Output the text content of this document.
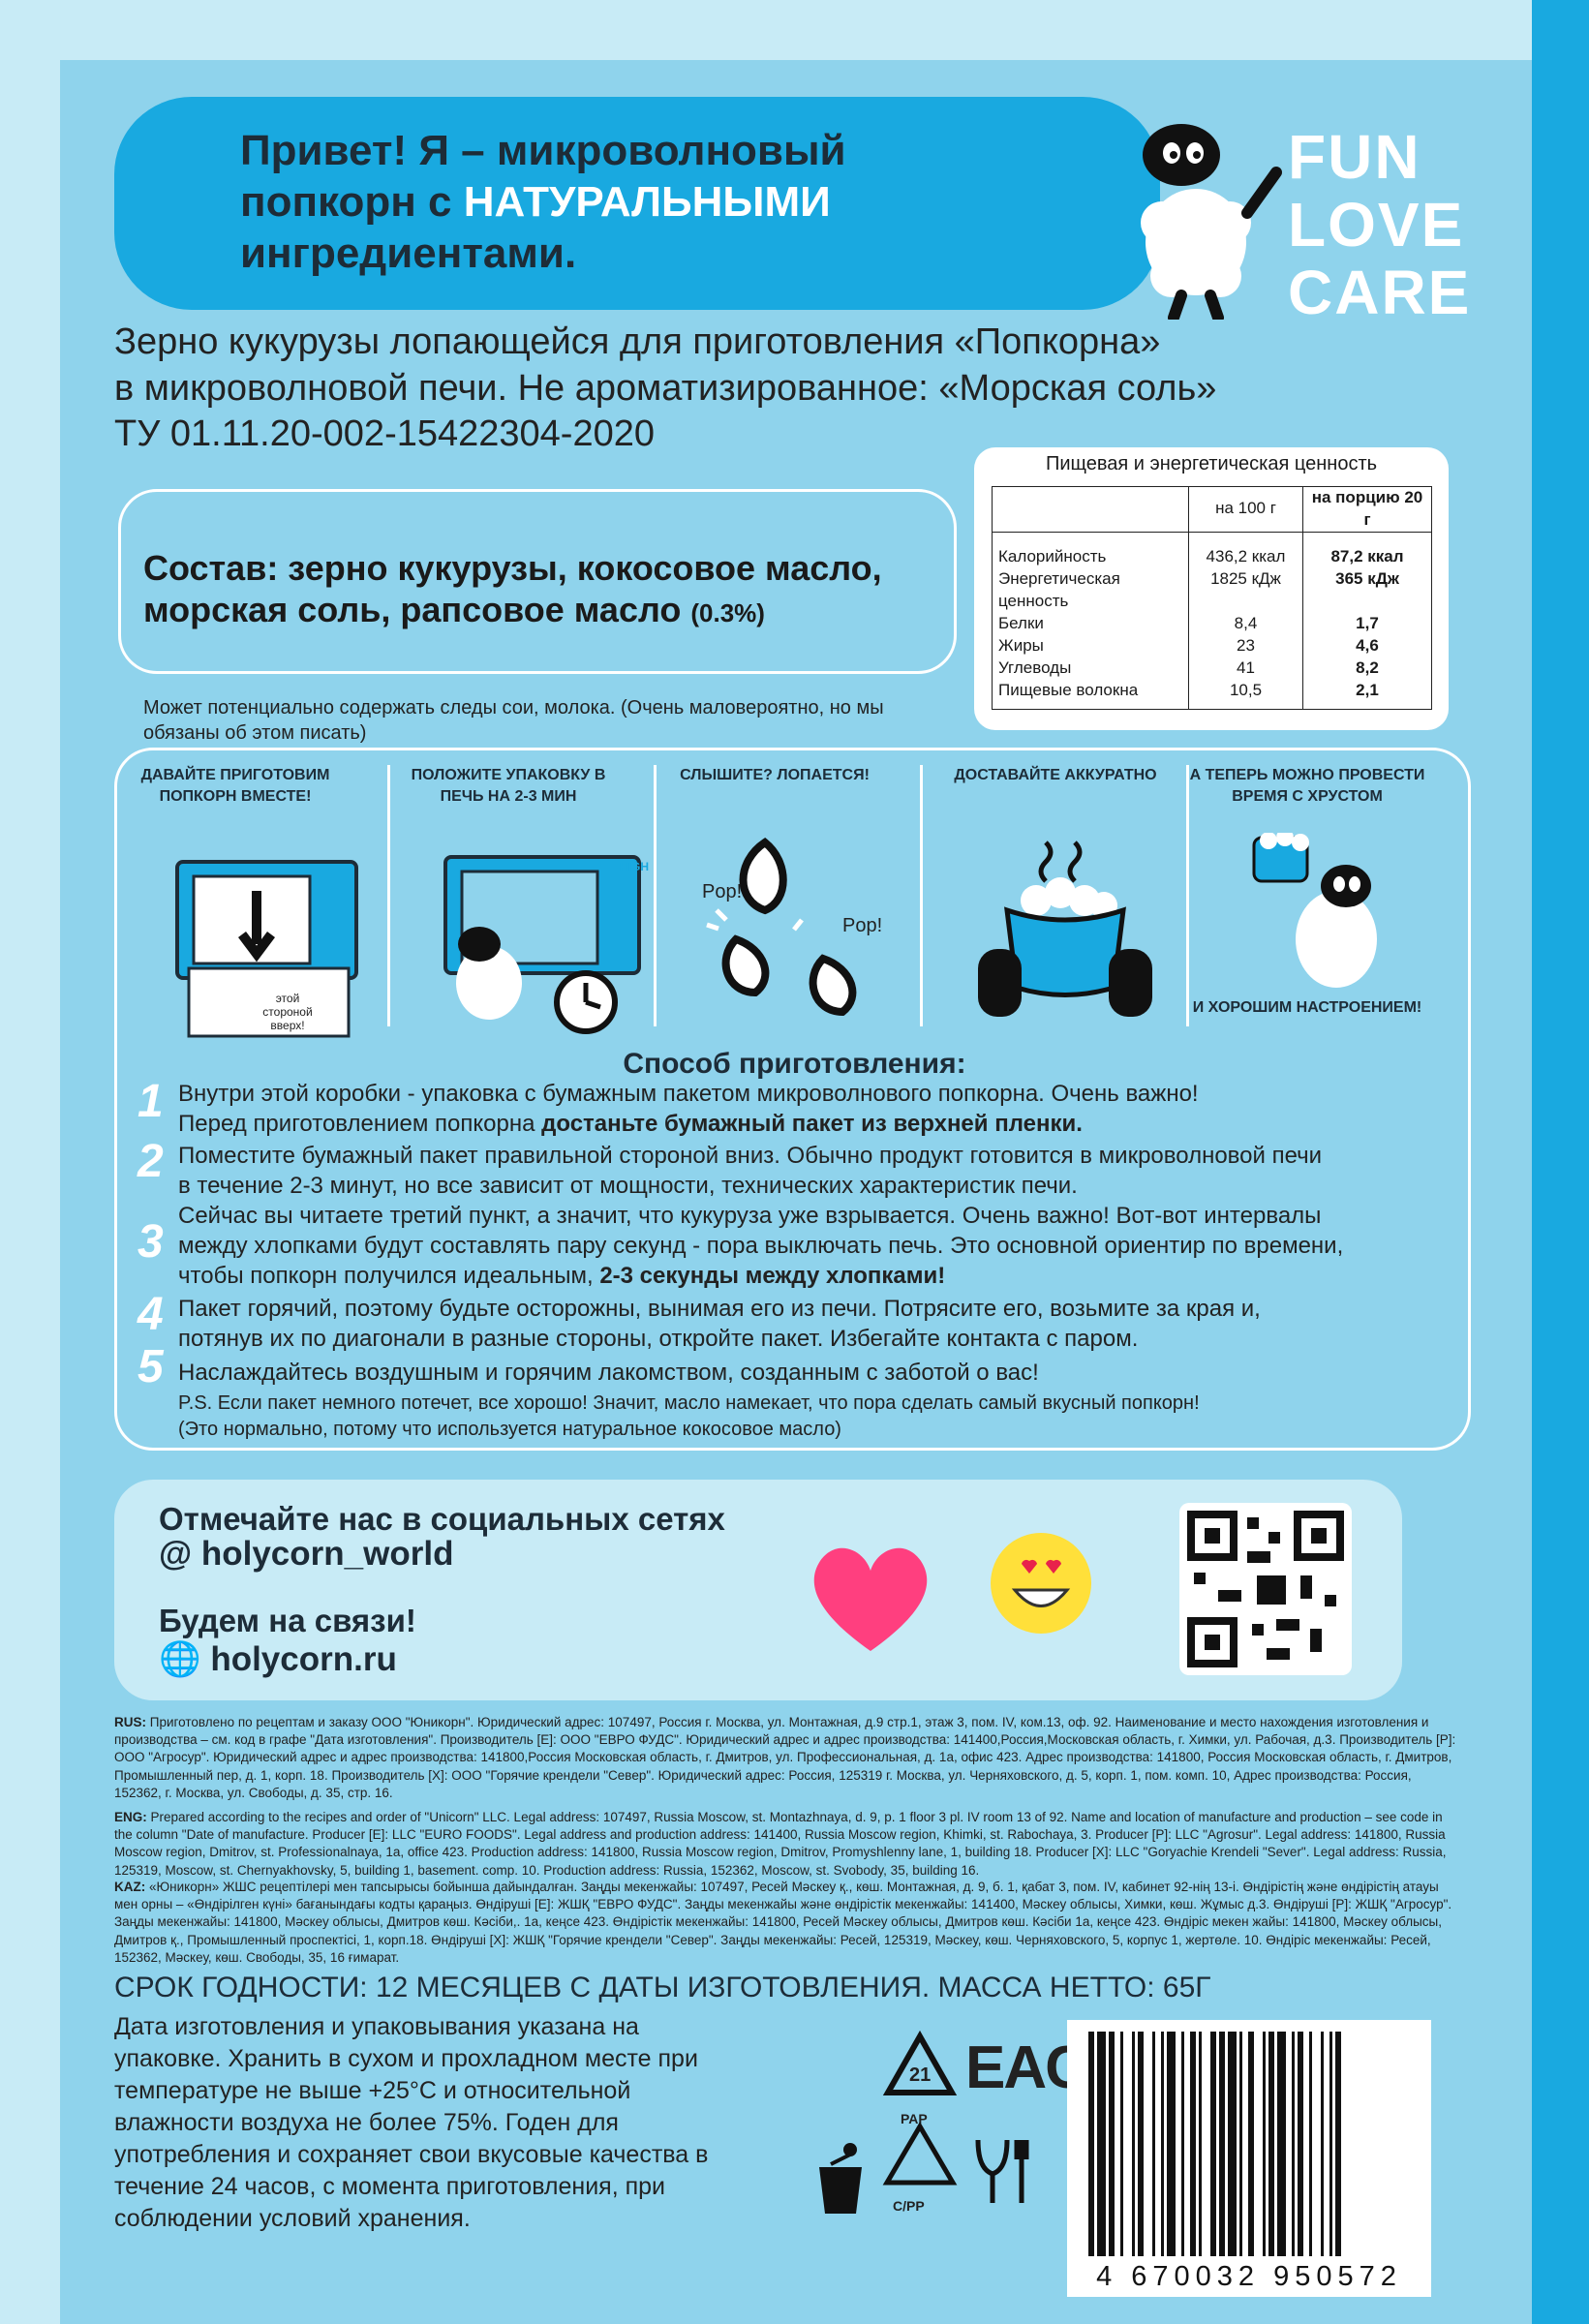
Привет! Я – микроволновый
попкорн с НАТУРАЛЬНЫМИ
ингредиентами.
FUN
LOVE
CARE
Зерно кукурузы лопающейся для приготовления «Попкорна»
в микроволновой печи. Не ароматизированное: «Морская соль»
ТУ 01.11.20-002-15422304-2020
Состав: зерно кукурузы, кокосовое масло,
морская соль, рапсовое масло (0.3%)
Может потенциально содержать следы сои, молока. (Очень маловероятно, но мы обязаны об этом писать)
Пищевая и энергетическая ценность
	на 100 г	на порцию 20 г
Калорийность	436,2 ккал	87,2 ккал
Энергетическая ценность	1825 кДж	365 кДж
Белки	8,4	1,7
Жиры	23	4,6
Углеводы	41	8,2
Пищевые волокна	10,5	2,1
ДАВАЙТЕ ПРИГОТОВИМ ПОПКОРН ВМЕСТЕ!
ПОЛОЖИТЕ УПАКОВКУ В ПЕЧЬ НА 2-3 МИН
СЛЫШИТЕ? ЛОПАЕТСЯ!	ДОСТАВАЙТЕ АККУРАТНО	А ТЕПЕРЬ МОЖНО ПРОВЕСТИ ВРЕМЯ С ХРУСТОМ
этой стороной вверх!
HIGH
Pop!
Pop!
И ХОРОШИМ НАСТРОЕНИЕМ!
Способ приготовления:
1 Внутри этой коробки - упаковка с бумажным пакетом микроволнового попкорна. Очень важно!
Перед приготовлением попкорна достаньте бумажный пакет из верхней пленки.
2 Поместите бумажный пакет правильной стороной вниз. Обычно продукт готовится в микроволновой печи
в течение 2-3 минут, но все зависит от мощности, технических характеристик печи.
3
Сейчас вы читаете третий пункт, а значит, что кукуруза уже взрывается. Очень важно! Вот-вот интервалы
между хлопками будут составлять пару секунд - пора выключать печь. Это основной ориентир по времени,
чтобы попкорн получился идеальным, 2-3 секунды между хлопками!
4 Пакет горячий, поэтому будьте осторожны, вынимая его из печи. Потрясите его, возьмите за края и,
потянув их по диагонали в разные стороны, откройте пакет. Избегайте контакта с паром.
5 Наслаждайтесь воздушным и горячим лакомством, созданным с заботой о вас!
P.S. Если пакет немного потечет, все хорошо! Значит, масло намекает, что пора сделать самый вкусный попкорн!
(Это нормально, потому что используется натуральное кокосовое масло)
Отмечайте нас в социальных сетях
@ holycorn_world
Будем на связи!
🌐 holycorn.ru
RUS: Приготовлено по рецептам и заказу ООО "Юникорн". Юридический адрес: 107497, Россия г. Москва, ул. Монтажная, д.9 стр.1, этаж 3, пом. IV, ком.13, оф. 92. Наименование и место нахождения изготовления и производства – см. код в графе "Дата изготовления". Производитель [E]: ООО "ЕВРО ФУДС". Юридический адрес и адрес производства: 141400,Россия,Московская область, г. Химки, ул. Рабочая, д.3. Производитель [Р]: ООО "Агросур". Юридический адрес и адрес производства: 141800,Россия Московская область, г. Дмитров, ул. Профессиональная, д. 1а, офис 423. Адрес производства: 141800, Россия Московская область, г. Дмитров, Промышленный пер, д. 1, корп. 18. Производитель [Х]: ООО "Горячие крендели "Север". Юридический адрес: Россия, 125319 г. Москва, ул. Черняховского, д. 5, корп. 1, пом. комп. 10, Адрес производства: Россия, 152362, г. Москва, ул. Свободы, д. 35, стр. 16.
ENG: Prepared according to the recipes and order of "Unicorn" LLC. Legal address: 107497, Russia Moscow, st. Montazhnaya, d. 9, p. 1 floor 3 pl. IV room 13 of 92. Name and location of manufacture and production – see code in the column "Date of manufacture. Producer [E]: LLC "EURO FOODS". Legal address and production address: 141400, Russia Moscow region, Khimki, st. Rabochaya, 3. Producer [P]: LLC "Agrosur". Legal address: 141800, Russia Moscow region, Dmitrov, st. Professionalnaya, 1a, office 423. Production address: 141800, Russia Moscow region, Dmitrov, Promyshlenny lane, 1, building 18. Producer [X]: LLC "Goryachie Krendeli "Sever". Legal address: Russia, 125319, Moscow, st. Chernyakhovsky, 5, building 1, basement. comp. 10. Production address: Russia, 152362, Moscow, st. Svobody, 35, building 16.
KAZ: «Юникорн» ЖШС рецептілері мен тапсырысы бойынша дайындалған. Заңды мекенжайы: 107497, Ресей Мәскеу қ., көш. Монтажная, д. 9, б. 1, қабат 3, пом. IV, кабинет 92-нің 13-і. Өндірістің және өндірістің атауы мен орны – «Өндірілген күні» бағанындағы кодты қараңыз. Өндіруші [E]: ЖШҚ "ЕВРО ФУДС". Заңды мекенжайы және өндірістік мекенжайы: 141400, Мәскеу облысы, Химки, көш. Жұмыс д.3. Өндіруші [Р]: ЖШҚ "Агросур". Заңды мекенжайы: 141800, Мәскеу облысы, Дмитров көш. Кәсіби,. 1а, кеңсе 423. Өндірістік мекенжайы: 141800, Ресей Мәскеу облысы, Дмитров көш. Кәсіби 1а, кеңсе 423. Өндіріс мекен жайы: 141800, Мәскеу облысы, Дмитров қ., Промышленный проспектісі, 1, корп.18. Өндіруші [Х]: ЖШҚ "Горячие крендели "Север". Заңды мекенжайы: Ресей, 125319, Мәскеу, көш. Черняховского, 5, корпус 1, жертөле. 10. Өндіріс мекенжайы: Ресей, 152362, Мәскеу, көш. Свободы, 35, 16 ғимарат.
СРОК ГОДНОСТИ: 12 МЕСЯЦЕВ С ДАТЫ ИЗГОТОВЛЕНИЯ. МАССА НЕТТО: 65Г
Дата изготовления и упаковывания указана на упаковке. Хранить в сухом и прохладном месте при температуре не выше +25°C и относительной влажности воздуха не более 75%. Годен для употребления и сохраняет свои вкусовые качества в течение 24 часов, с момента приготовления, при соблюдении условий хранения.
21
PAP
EAC
C/PP
4 670032 950572
